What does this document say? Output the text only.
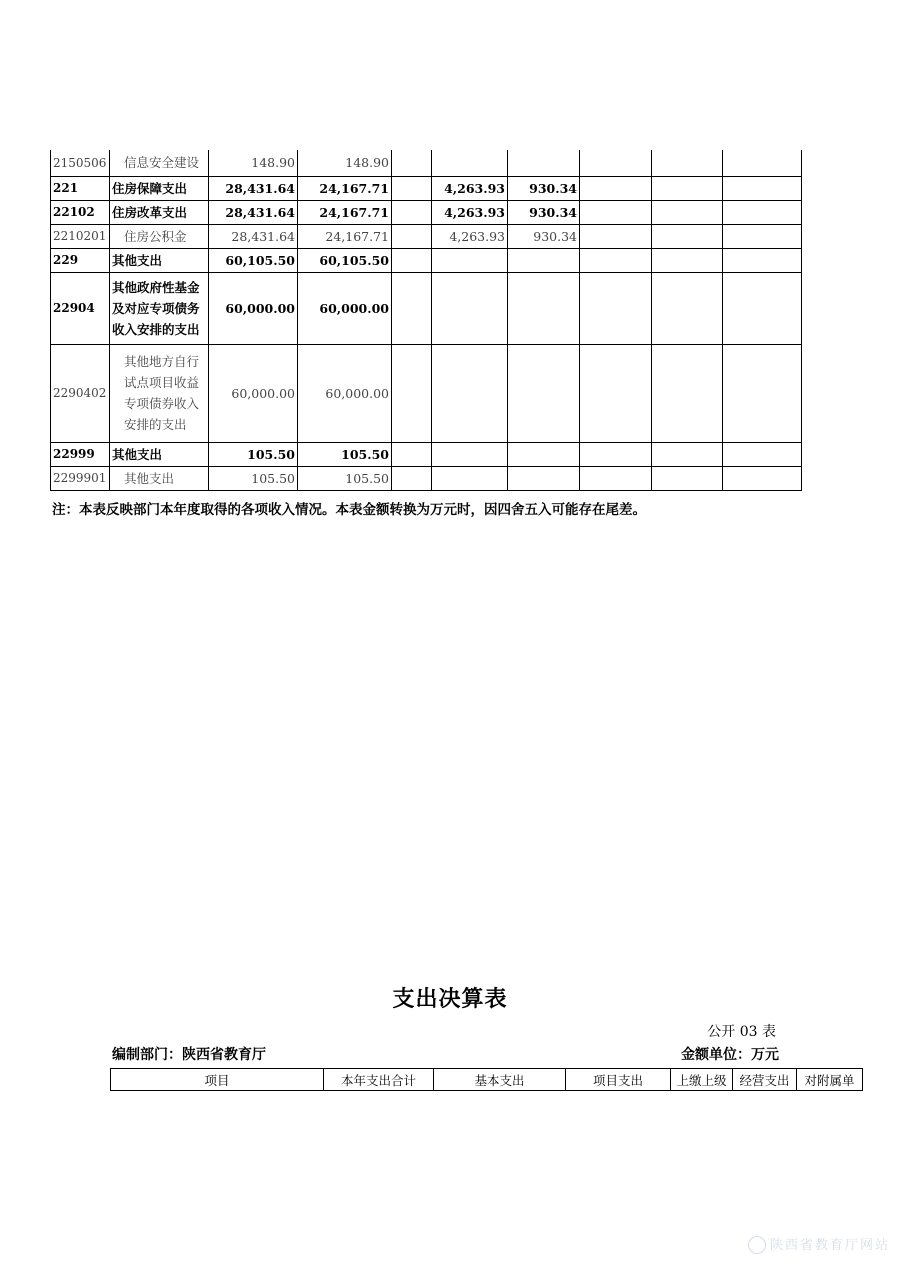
2150506	信息安全建设	148.90	148.90						
221	住房保障支出	28,431.64	24,167.71		4,263.93	930.34			
22102	住房改革支出	28,431.64	24,167.71		4,263.93	930.34			
2210201	住房公积金	28,431.64	24,167.71		4,263.93	930.34			
229	其他支出	60,105.50	60,105.50						
22904	其他政府性基金及对应专项债务收入安排的支出	60,000.00	60,000.00						
2290402	其他地方自行试点项目收益专项债券收入安排的支出	60,000.00	60,000.00						
22999	其他支出	105.50	105.50						
2299901	其他支出	105.50	105.50						
注：本表反映部门本年度取得的各项收入情况。本表金额转换为万元时，因四舍五入可能存在尾差。
支出决算表
公开 03 表
编制部门：陕西省教育厅	金额单位：万元
项目	本年支出合计	基本支出	项目支出	上缴上级	经营支出	对附属单
陕西省教育厅网站
